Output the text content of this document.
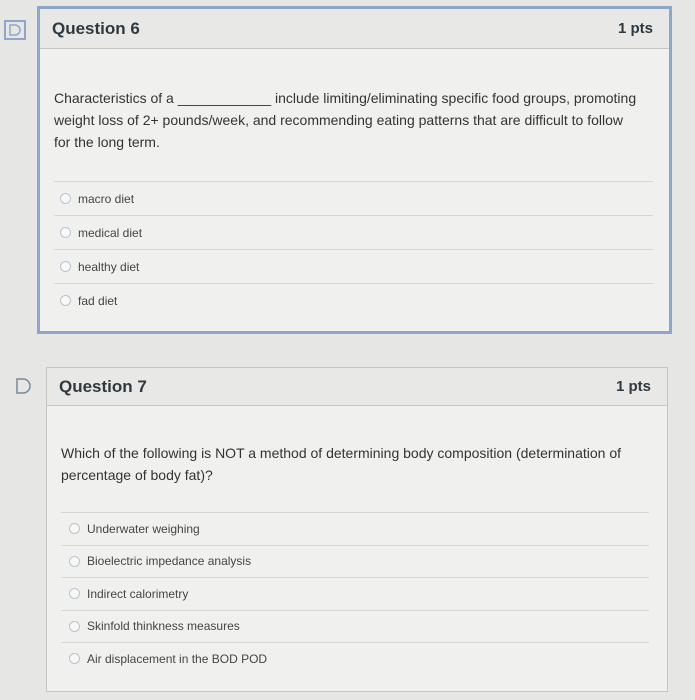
Question 6	1 pts
Characteristics of a ____________ include limiting/eliminating specific food groups, promoting weight loss of 2+ pounds/week, and recommending eating patterns that are difficult to follow for the long term.
macro diet
medical diet
healthy diet
fad diet
Question 7	1 pts
Which of the following is NOT a method of determining body composition (determination of percentage of body fat)?
Underwater weighing
Bioelectric impedance analysis
Indirect calorimetry
Skinfold thinkness measures
Air displacement in the BOD POD
